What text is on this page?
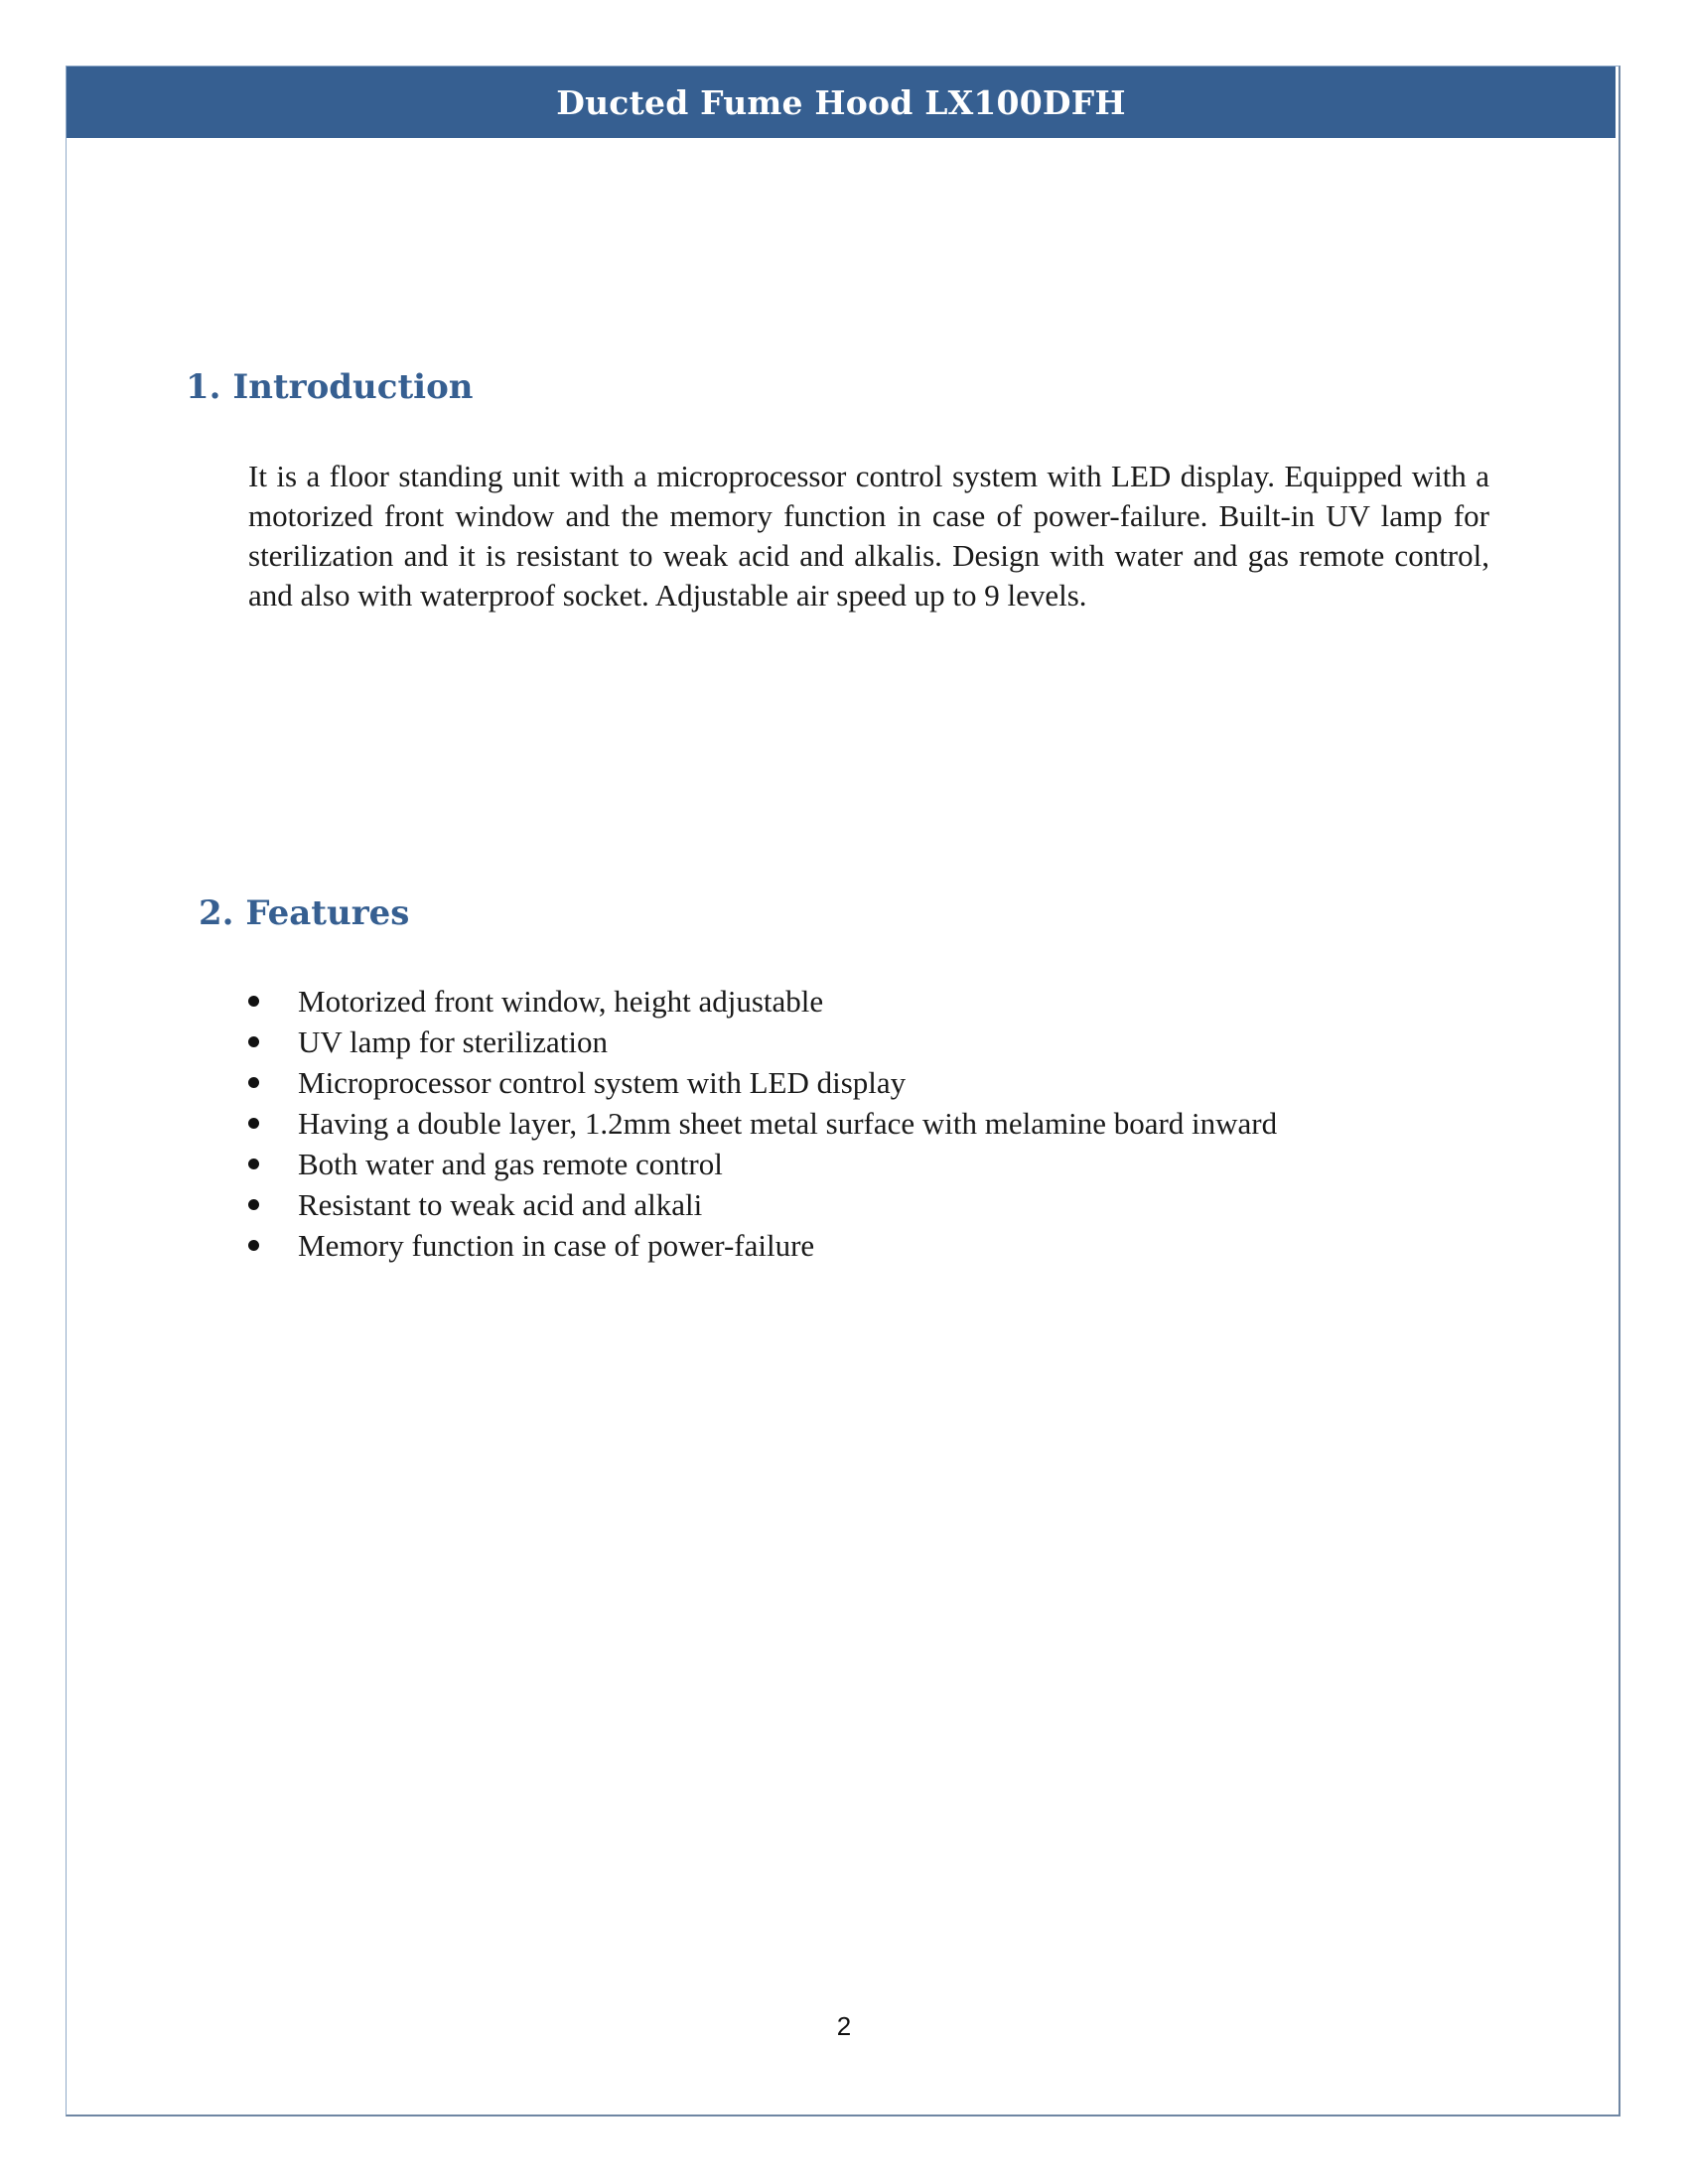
Ducted Fume Hood LX100DFH
1. Introduction

It is a floor standing unit with a microprocessor control system with LED display. Equipped with a motorized front window and the memory function in case of power-failure. Built-in UV lamp for sterilization and it is resistant to weak acid and alkalis. Design with water and gas remote control, and also with waterproof socket. Adjustable air speed up to 9 levels.

2. Features
Motorized front window, height adjustable
UV lamp for sterilization
Microprocessor control system with LED display
Having a double layer, 1.2mm sheet metal surface with melamine board inward
Both water and gas remote control
Resistant to weak acid and alkali
Memory function in case of power-failure
2
